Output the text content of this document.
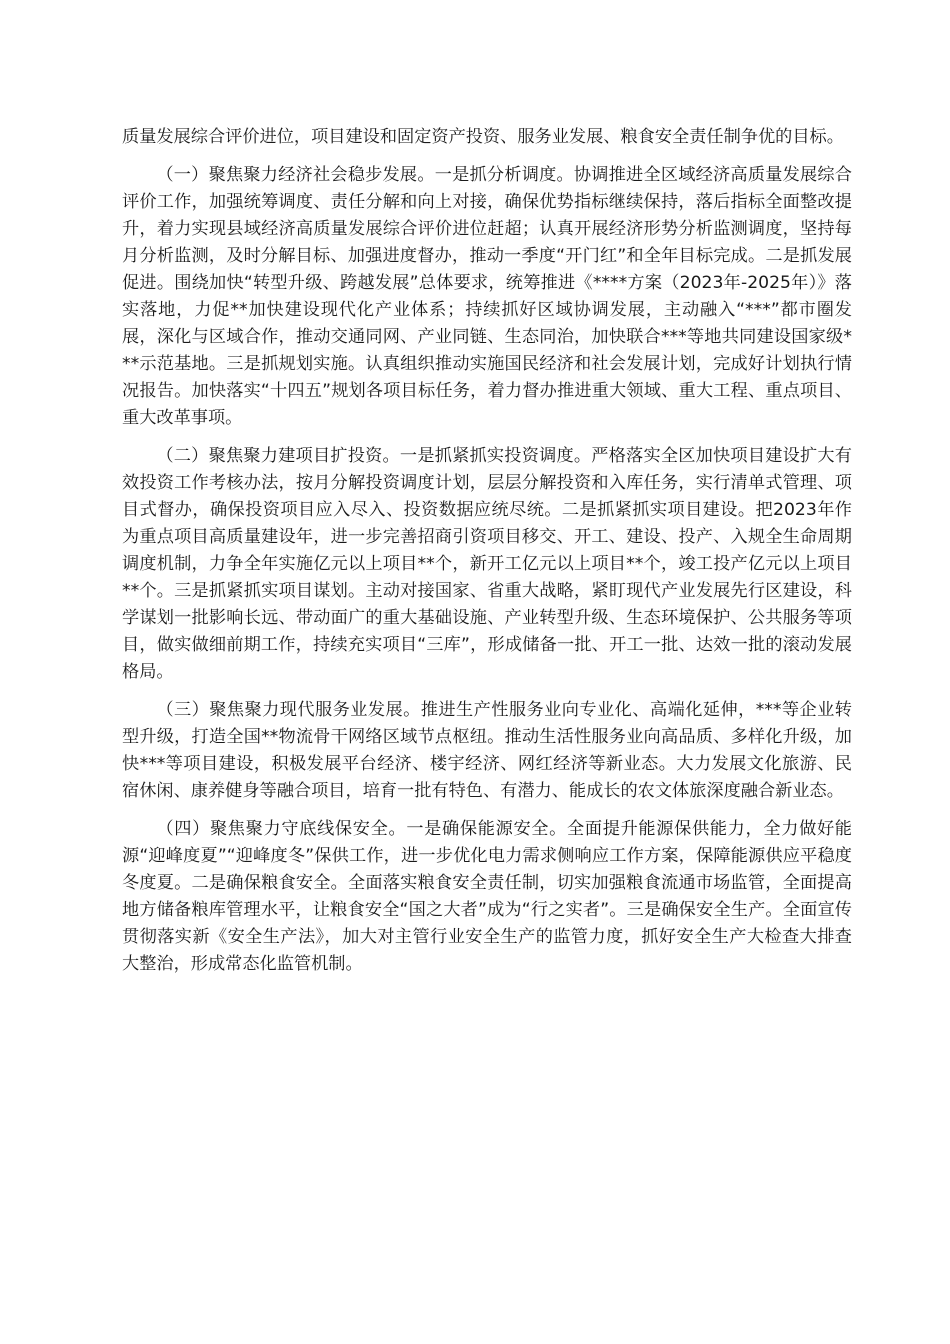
质量发展综合评价进位，项目建设和固定资产投资、服务业发展、粮食安全责任制争优的目标。

（一）聚焦聚力经济社会稳步发展。一是抓分析调度。协调推进全区域经济高质量发展综合评价工作，加强统筹调度、责任分解和向上对接，确保优势指标继续保持，落后指标全面整改提升，着力实现县域经济高质量发展综合评价进位赶超；认真开展经济形势分析监测调度，坚持每月分析监测，及时分解目标、加强进度督办，推动一季度“开门红”和全年目标完成。二是抓发展促进。围绕加快“转型升级、跨越发展”总体要求，统筹推进《****方案（2023年-2025年）》落实落地，力促**加快建设现代化产业体系；持续抓好区域协调发展，主动融入“***”都市圈发展，深化与区域合作，推动交通同网、产业同链、生态同治，加快联合***等地共同建设国家级***示范基地。三是抓规划实施。认真组织推动实施国民经济和社会发展计划，完成好计划执行情况报告。加快落实“十四五”规划各项目标任务，着力督办推进重大领域、重大工程、重点项目、重大改革事项。

（二）聚焦聚力建项目扩投资。一是抓紧抓实投资调度。严格落实全区加快项目建设扩大有效投资工作考核办法，按月分解投资调度计划，层层分解投资和入库任务，实行清单式管理、项目式督办，确保投资项目应入尽入、投资数据应统尽统。二是抓紧抓实项目建设。把2023年作为重点项目高质量建设年，进一步完善招商引资项目移交、开工、建设、投产、入规全生命周期调度机制，力争全年实施亿元以上项目**个，新开工亿元以上项目**个，竣工投产亿元以上项目**个。三是抓紧抓实项目谋划。主动对接国家、省重大战略，紧盯现代产业发展先行区建设，科学谋划一批影响长远、带动面广的重大基础设施、产业转型升级、生态环境保护、公共服务等项目，做实做细前期工作，持续充实项目“三库”，形成储备一批、开工一批、达效一批的滚动发展格局。

（三）聚焦聚力现代服务业发展。推进生产性服务业向专业化、高端化延伸，***等企业转型升级，打造全国**物流骨干网络区域节点枢纽。推动生活性服务业向高品质、多样化升级，加快***等项目建设，积极发展平台经济、楼宇经济、网红经济等新业态。大力发展文化旅游、民宿休闲、康养健身等融合项目，培育一批有特色、有潜力、能成长的农文体旅深度融合新业态。

（四）聚焦聚力守底线保安全。一是确保能源安全。全面提升能源保供能力，全力做好能源“迎峰度夏”“迎峰度冬”保供工作，进一步优化电力需求侧响应工作方案，保障能源供应平稳度冬度夏。二是确保粮食安全。全面落实粮食安全责任制，切实加强粮食流通市场监管，全面提高地方储备粮库管理水平，让粮食安全“国之大者”成为“行之实者”。三是确保安全生产。全面宣传贯彻落实新《安全生产法》，加大对主管行业安全生产的监管力度，抓好安全生产大检查大排查大整治，形成常态化监管机制。
